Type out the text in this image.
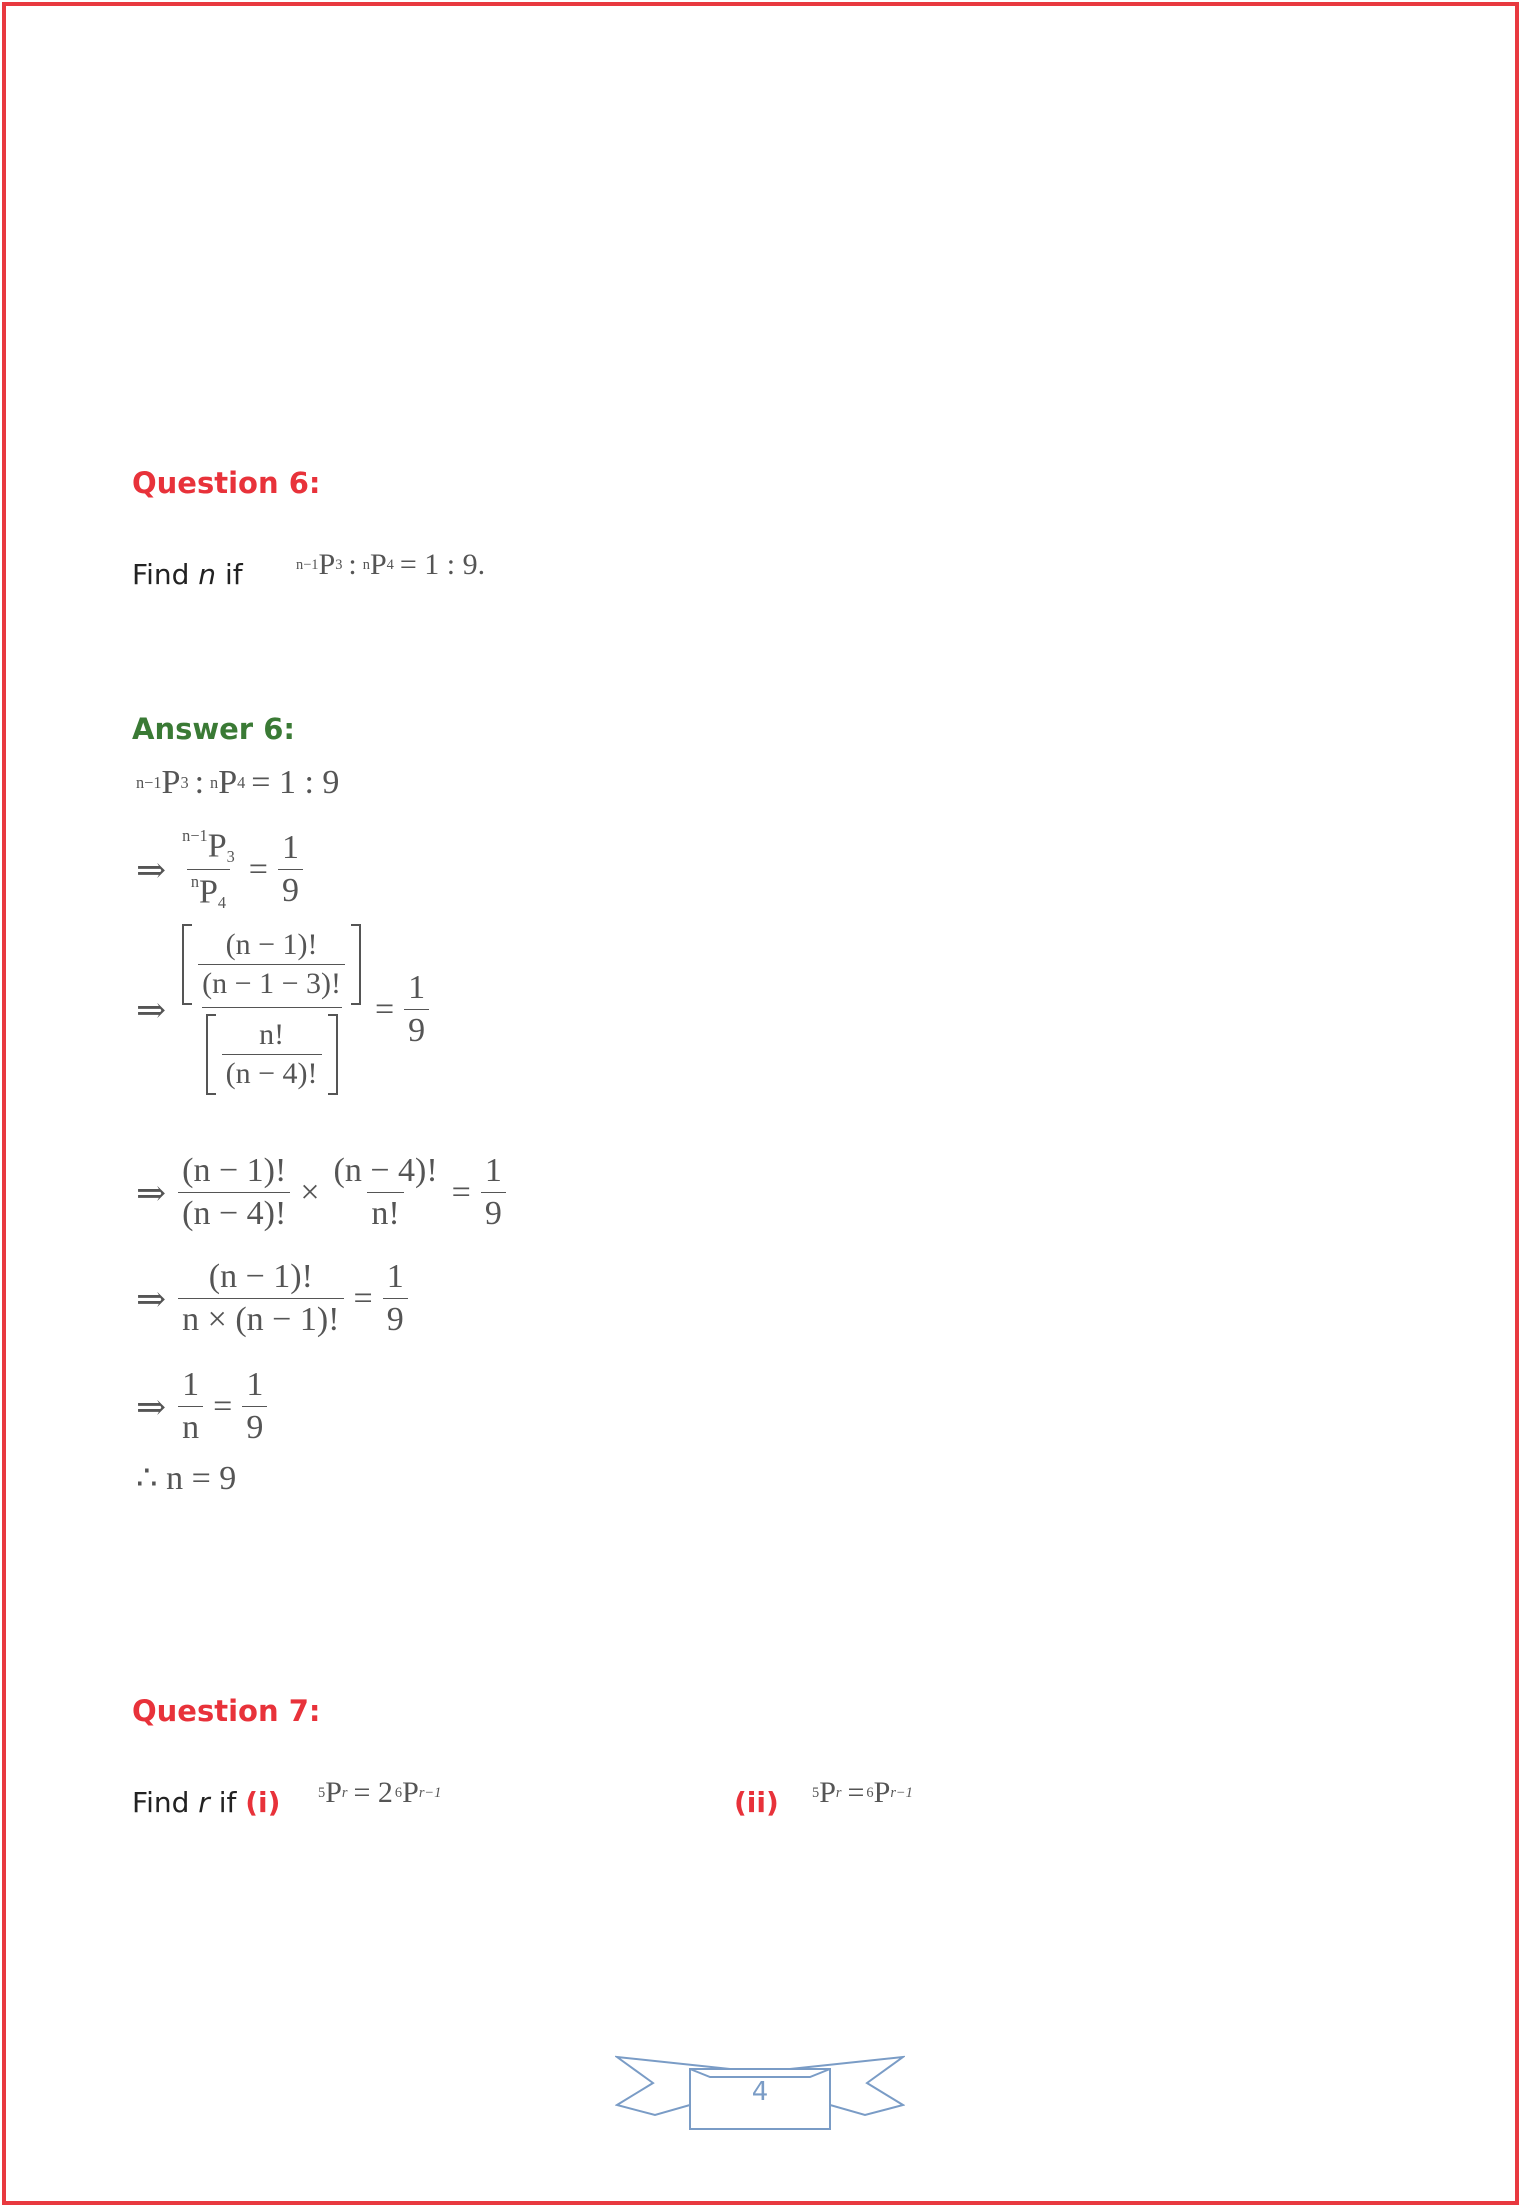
Question 6:
Find n if	n−1 P 3 : n P 4 = 1 : 9.
Answer 6:
n−1 P 3 : n P 4 = 1 : 9
⇒ $\frac{^{n-1}P_3}{^nP_4} = \frac{1}{9}$
⇒ $\frac{\frac{(n - 1)!}{(n - 1 - 3)!}}{\frac{n!}{(n - 4)!}} = \frac{1}{9}$
⇒ $\frac{(n - 1)!}{(n - 4)!} \times \frac{(n - 4)!}{n!} = \frac{1}{9}$
⇒ $\frac{(n - 1)!}{n \times (n - 1)!} = \frac{1}{9}$
⇒ $\frac{1}{n} = \frac{1}{9}$
∴ n = 9
Question 7:
Find r if (i)	5 P r = 2 6 P r−1	(ii) 5 P r = 6 P r−1
4
